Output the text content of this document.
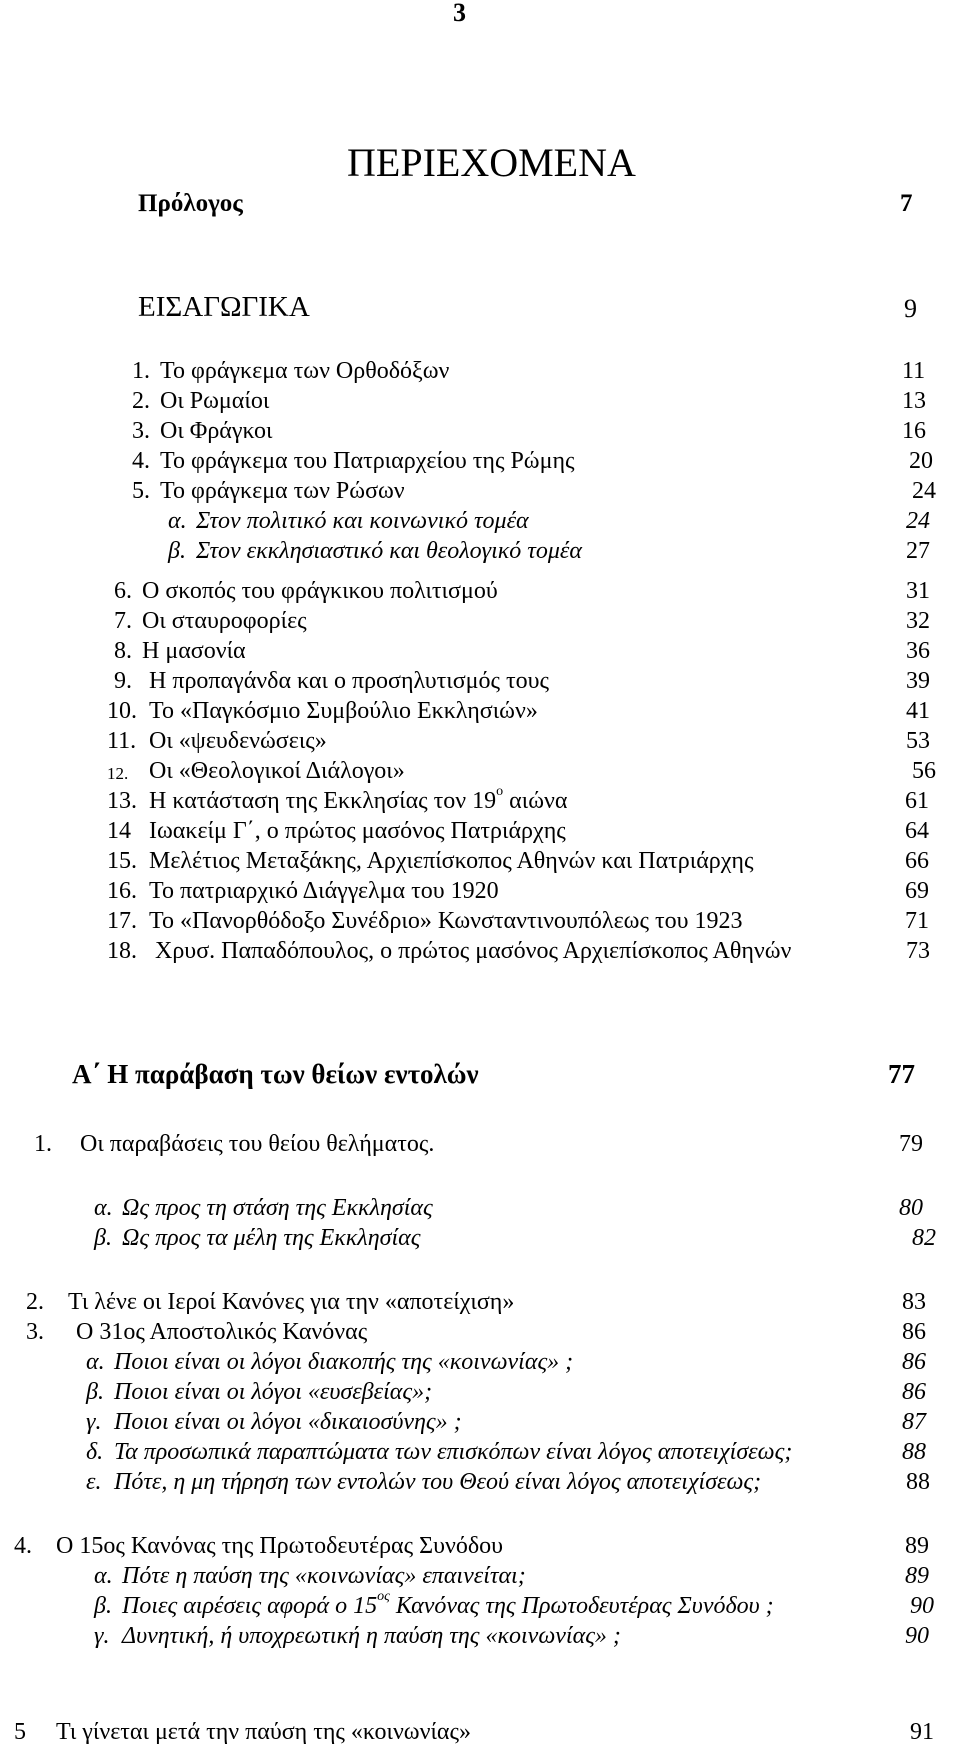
3
ΠΕΡΙΕΧΟΜΕΝΑ
Πρόλογος	7
ΕΙΣΑΓΩΓΙΚΑ	9
1. Το φράγκεμα των Ορθοδόξων	11
2. Οι Ρωμαίοι	13
3. Οι Φράγκοι	16
4. Το φράγκεμα του Πατριαρχείου της Ρώμης	20
5. Το φράγκεμα των Ρώσων	24
α. Στον πολιτικό και κοινωνικό τομέα	24
β. Στον εκκλησιαστικό και θεολογικό τομέα	27
6. Ο σκοπός του φράγκικου πολιτισμού	31
7. Οι σταυροφορίες	32
8. Η μασονία	36
9. Η προπαγάνδα και ο προσηλυτισμός τους	39
10. Το «Παγκόσμιο Συμβούλιο Εκκλησιών»	41
11. Οι «ψευδενώσεις»	53
12. Οι «Θεολογικοί Διάλογοι»	56
13. Η κατάσταση της Εκκλησίας τον $19^o$ αιώνα	61
14 Ιωακείμ Γ΄, ο πρώτος μασόνος Πατριάρχης	64
15. Μελέτιος Μεταξάκης, Αρχιεπίσκοπος Αθηνών και Πατριάρχης	66
16. Το πατριαρχικό Διάγγελμα του 1920	69
17. Το «Πανορθόδοξο Συνέδριο» Κωνσταντινουπόλεως του 1923	71
18. Χρυσ. Παπαδόπουλος, ο πρώτος μασόνος Αρχιεπίσκοπος Αθηνών	73
Α΄ Η παράβαση των θείων εντολών	77
1. Οι παραβάσεις του θείου θελήματος.	79
α. Ως προς τη στάση της Εκκλησίας	80
β. Ως προς τα μέλη της Εκκλησίας	82
2. Τι λένε οι Ιεροί Κανόνες για την «αποτείχιση»	83
3. Ο 31ος Αποστολικός Κανόνας	86
α. Ποιοι είναι οι λόγοι διακοπής της «κοινωνίας» ;	86
β. Ποιοι είναι οι λόγοι «ευσεβείας»;	86
γ. Ποιοι είναι οι λόγοι «δικαιοσύνης» ;	87
δ. Τα προσωπικά παραπτώματα των επισκόπων είναι λόγος αποτειχίσεως;	88
ε. Πότε, η μη τήρηση των εντολών του Θεού είναι λόγος αποτειχίσεως;	88
4. Ο 15ος Κανόνας της Πρωτοδευτέρας Συνόδου	89
α. Πότε η παύση της «κοινωνίας» επαινείται;	89
β. Ποιες αιρέσεις αφορά ο $15^{o\varsigma}$ Κανόνας της Πρωτοδευτέρας Συνόδου ;	90
γ. Δυνητική, ή υποχρεωτική η παύση της «κοινωνίας» ;	90
5 Τι γίνεται μετά την παύση της «κοινωνίας»	91
